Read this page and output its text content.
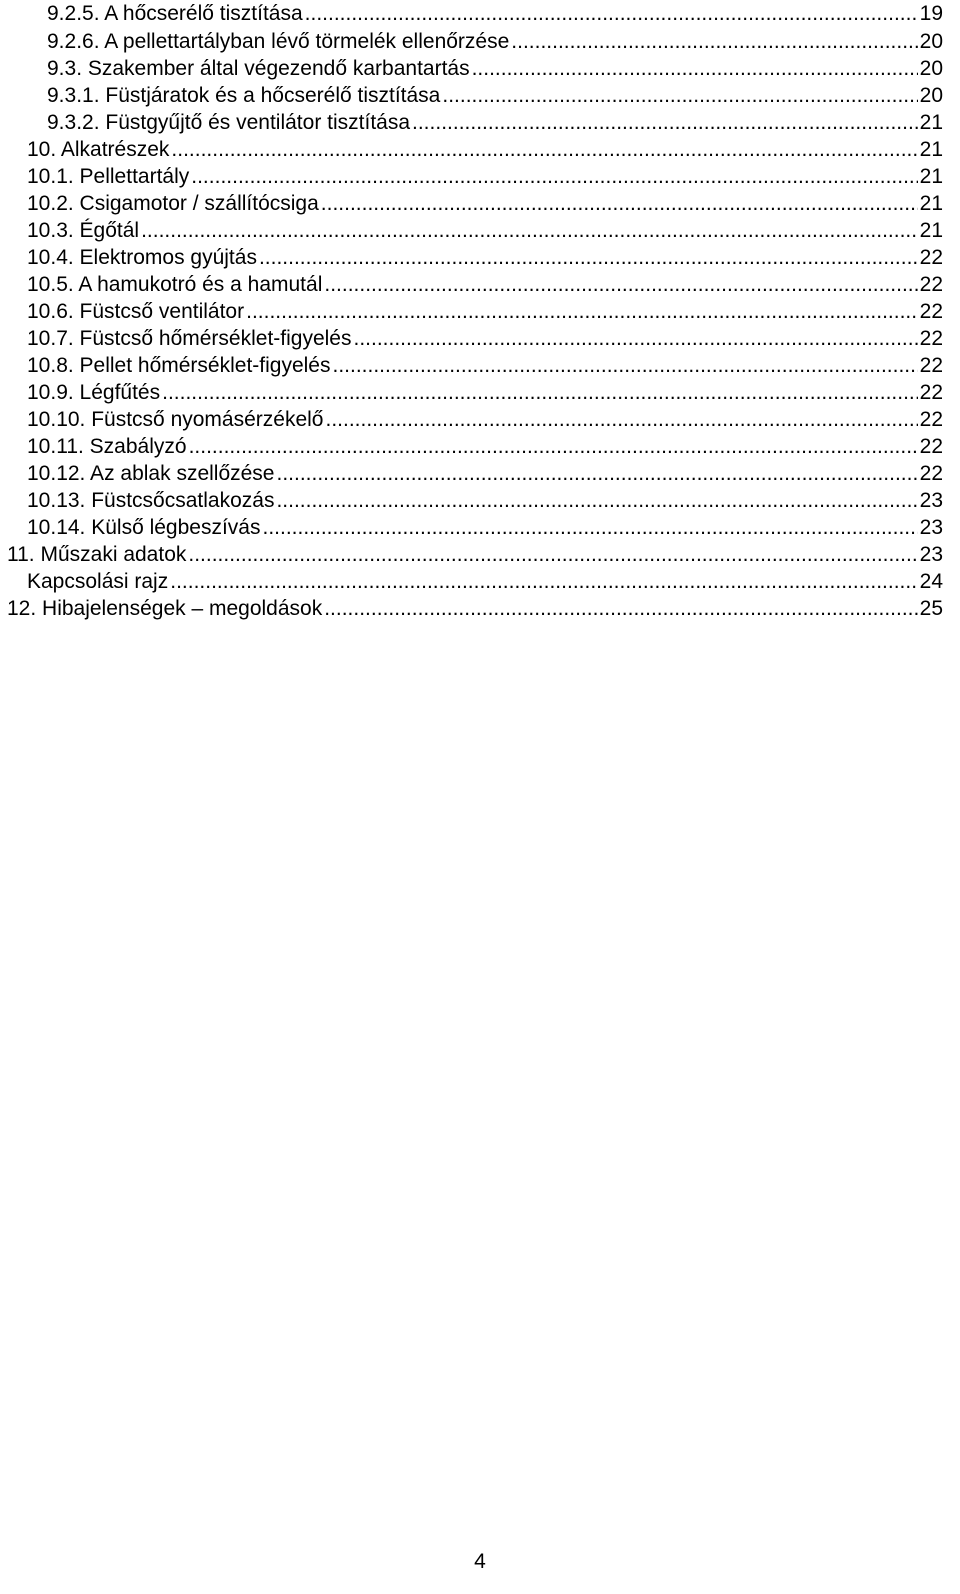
9.2.5. A hőcserélő tisztítása .....	19
9.2.6. A pellettartályban lévő törmelék ellenőrzése .....	20
9.3. Szakember által végezendő karbantartás .....	20
9.3.1. Füstjáratok és a hőcserélő tisztítása .....	20
9.3.2. Füstgyűjtő és ventilátor tisztítása .....	21
10. Alkatrészek .....	21
10.1. Pellettartály .....	21
10.2. Csigamotor / szállítócsiga .....	21
10.3. Égőtál .....	21
10.4. Elektromos gyújtás .....	22
10.5. A hamukotró és a hamutál .....	22
10.6. Füstcső ventilátor .....	22
10.7. Füstcső hőmérséklet-figyelés .....	22
10.8. Pellet hőmérséklet-figyelés .....	22
10.9. Légfűtés .....	22
10.10. Füstcső nyomásérzékelő .....	22
10.11. Szabályzó .....	22
10.12. Az ablak szellőzése .....	22
10.13. Füstcsőcsatlakozás .....	23
10.14. Külső légbeszívás .....	23
11. Műszaki adatok .....	23
Kapcsolási rajz .....	24
12. Hibajelenségek – megoldások .....	25
4
